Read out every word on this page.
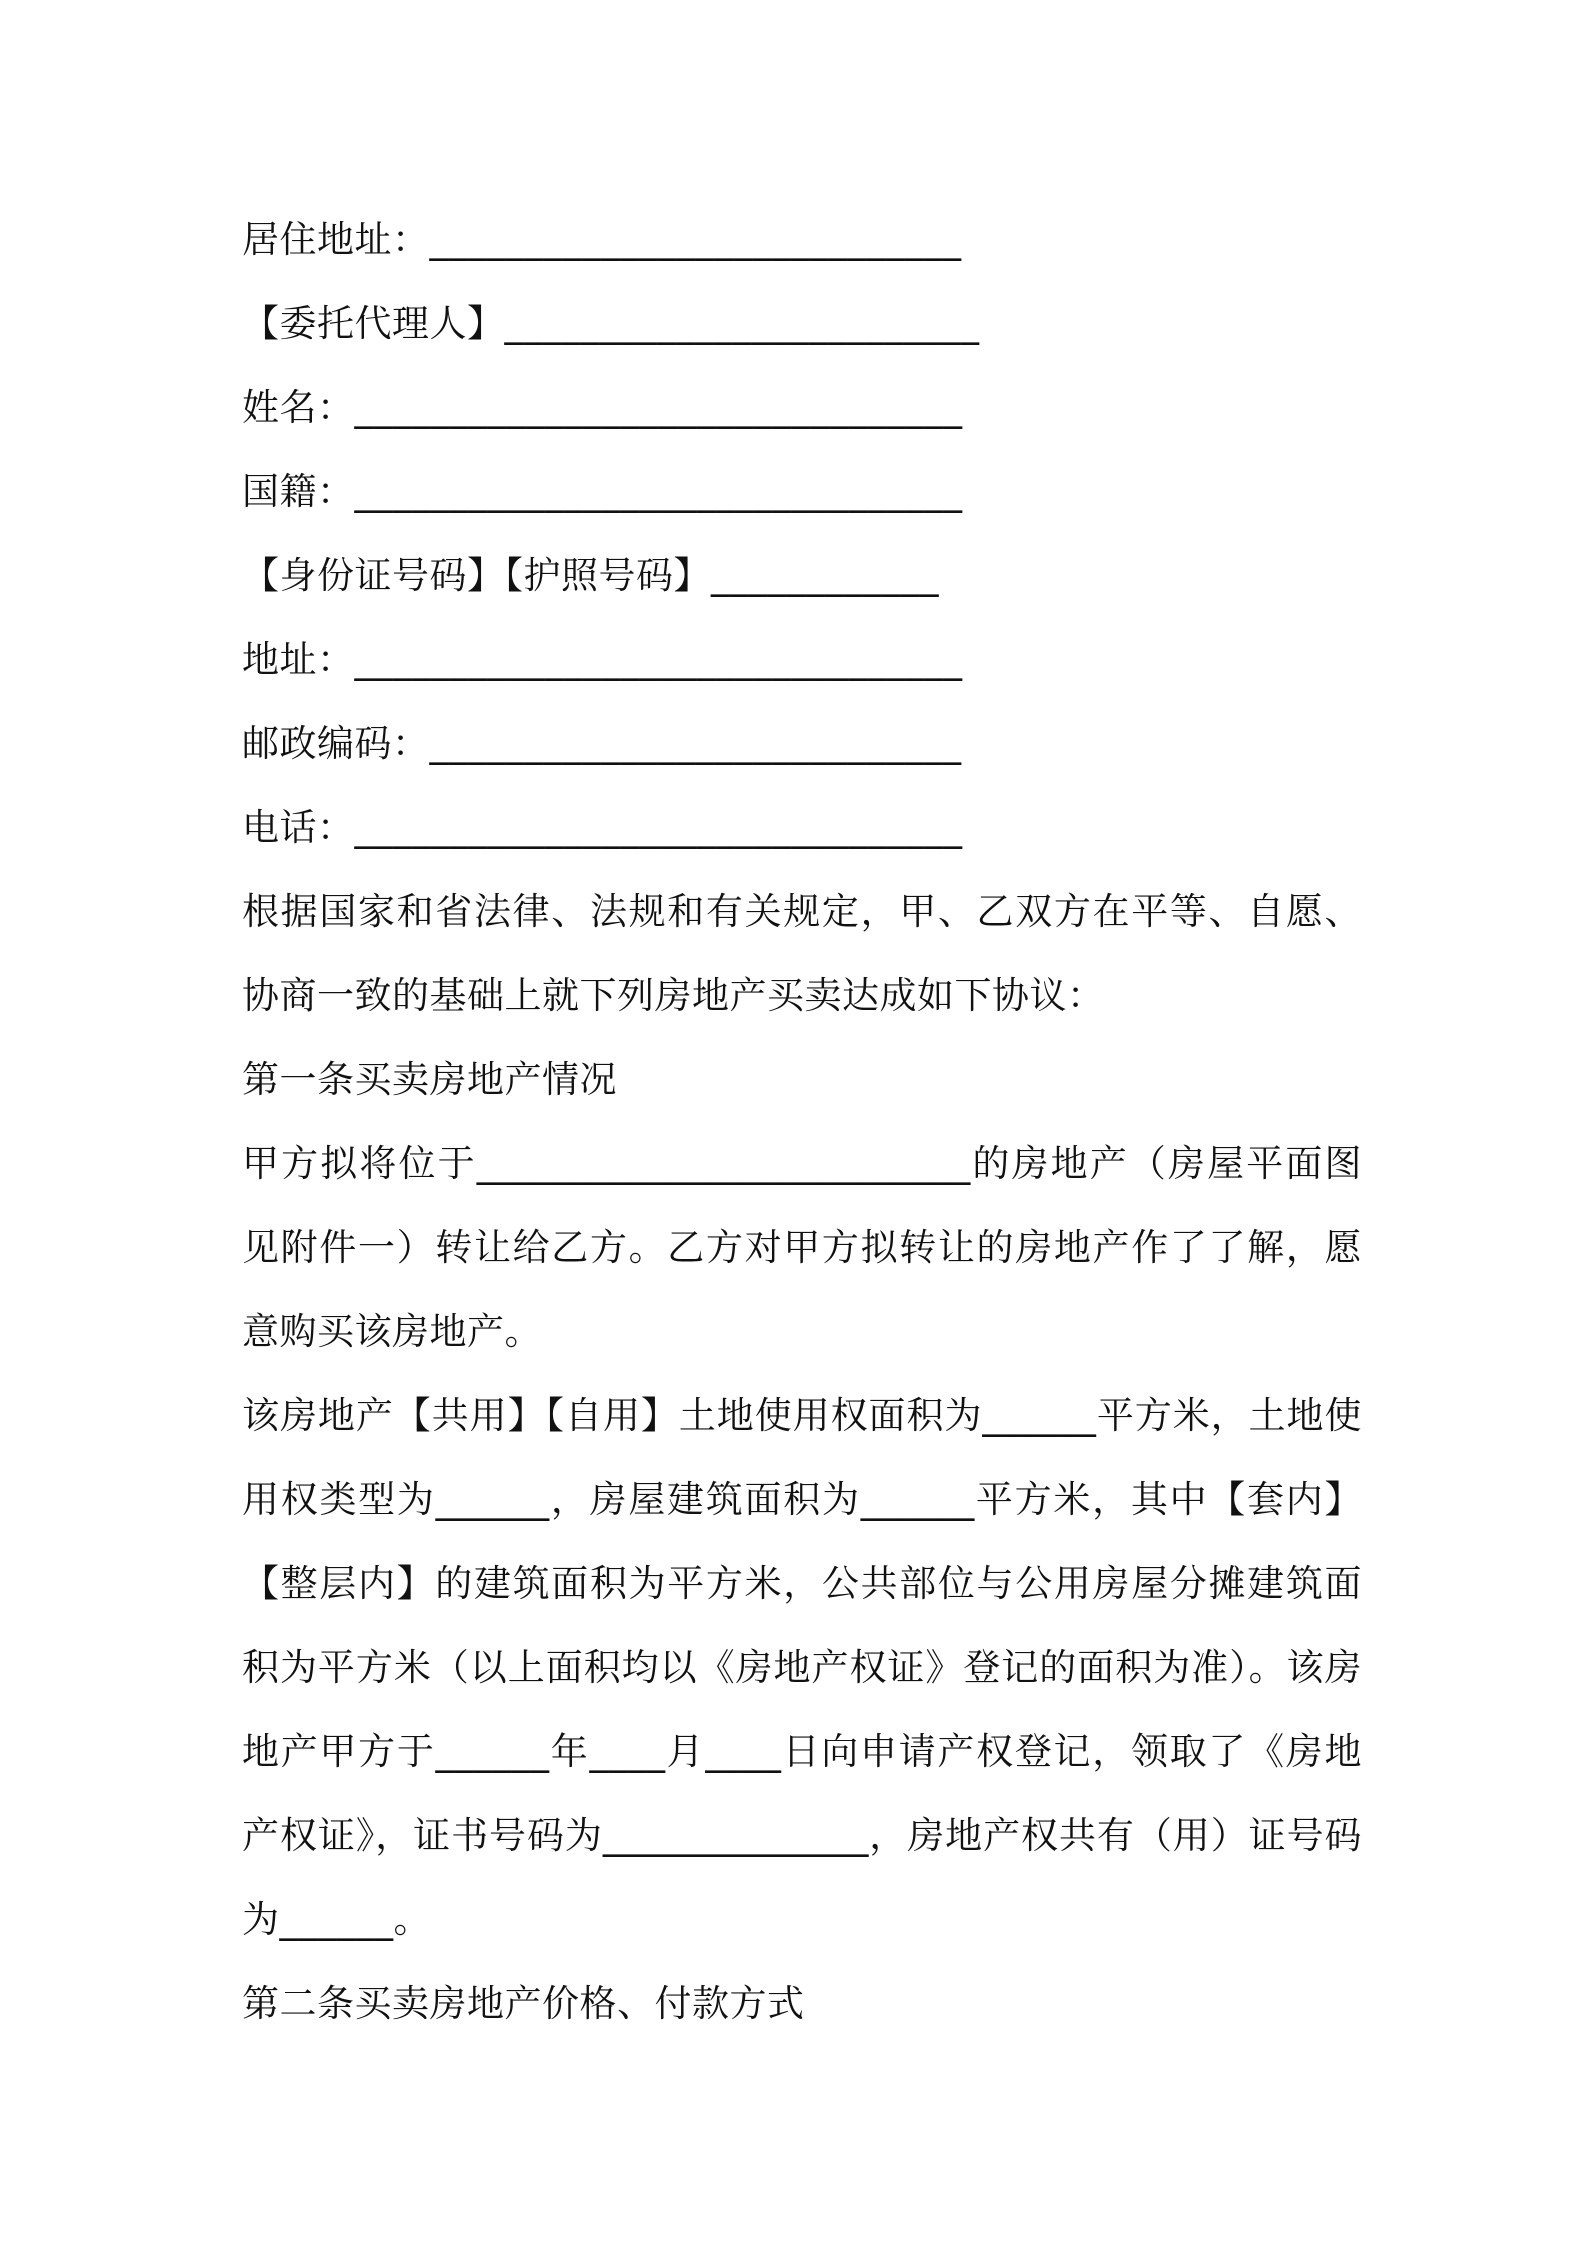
居住地址：____________________________
【委托代理人】_________________________
姓名：________________________________
国籍：________________________________
【身份证号码】【护照号码】____________
地址：________________________________
邮政编码：____________________________
电话：________________________________
根据国家和省法律、法规和有关规定，甲、乙双方在平等、自愿、协商一致的基础上就下列房地产买卖达成如下协议：
第一条买卖房地产情况
甲方拟将位于__________________________的房地产（房屋平面图见附件一）转让给乙方。乙方对甲方拟转让的房地产作了了解，愿意购买该房地产。
该房地产【共用】【自用】土地使用权面积为______平方米，土地使用权类型为______，房屋建筑面积为______平方米，其中【套内】【整层内】的建筑面积为平方米，公共部位与公用房屋分摊建筑面积为平方米（以上面积均以《房地产权证》登记的面积为准）。该房地产甲方于______年____月____日向申请产权登记，领取了《房地产权证》，证书号码为______________，房地产权共有（用）证号码为______。
第二条买卖房地产价格、付款方式
